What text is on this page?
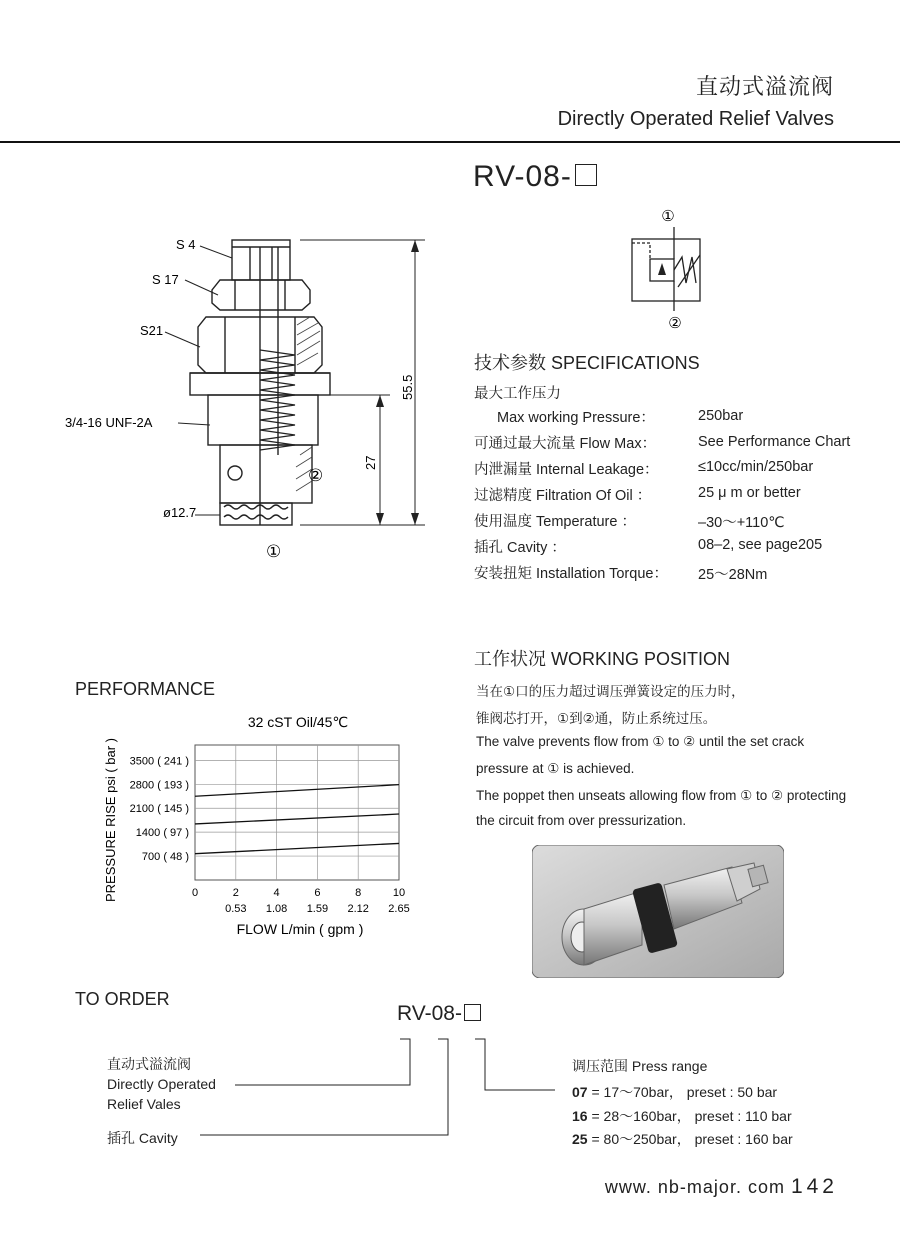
直动式溢流阀
Directly Operated Relief Valves
RV-08-
S 4
S 17
S21
3/4-16 UNF-2A
ø12.7
55.5
27
②
①
①
②
技术参数 SPECIFICATIONS
最大工作压力
Max working Pressure：	250bar
可通过最大流量 Flow Max：	See Performance Chart
内泄漏量 Internal Leakage：	≤10cc/min/250bar
过滤精度 Filtration Of Oil ：	25 μ m or better
使用温度 Temperature ：	–30～+110℃
插孔 Cavity ：	08–2, see page205
安装扭矩 Installation Torque： 25～28Nm
工作状况 WORKING POSITION
当在①口的压力超过调压弹簧设定的压力时，
锥阀芯打开，①到②通，防止系统过压。
The valve prevents flow from ① to ② until the set crack
pressure at ① is achieved.
The poppet then unseats allowing flow from ① to ② protecting
the circuit from over pressurization.
PERFORMANCE
32 cST Oil/45℃
3500 ( 241 )
2800 ( 193 )
2100 ( 145 )
1400 ( 97 )
700 ( 48 )
0	2	4	6	8	10
0.53 1.08 1.59 2.12 2.65
PRESSURE RISE psi ( bar )
FLOW L/min ( gpm )
TO ORDER
RV-08-
直动式溢流阀
Directly Operated
Relief Vales
插孔 Cavity
调压范围 Press range
07 = 17～70bar， preset : 50 bar
16 = 28～160bar， preset : 110 bar
25 = 80～250bar， preset : 160 bar
www. nb-major. com 142
